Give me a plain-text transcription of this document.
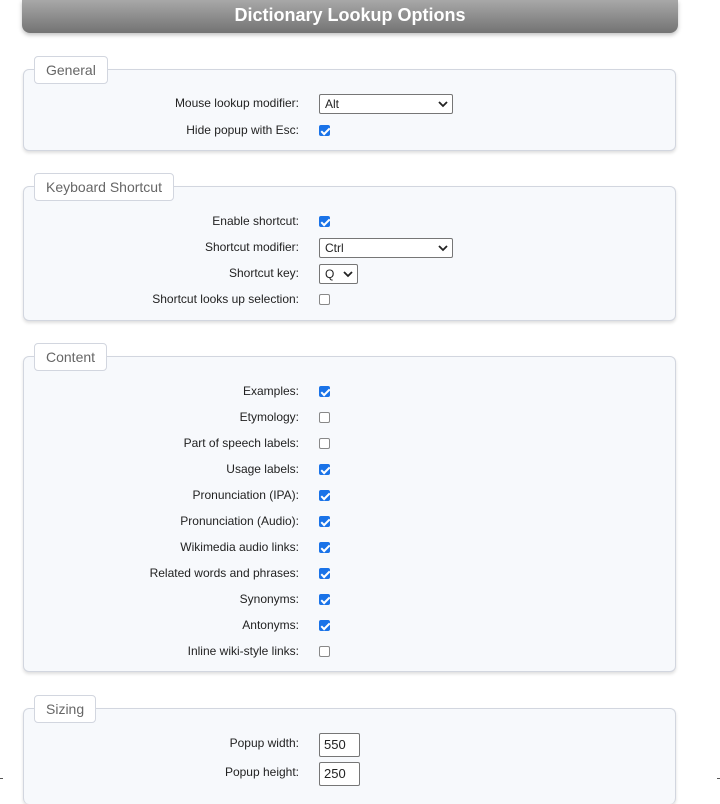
Dictionary Lookup Options
General
Mouse lookup modifier:	Alt
Hide popup with Esc:
Keyboard Shortcut
Enable shortcut:
Shortcut modifier:	Ctrl
Shortcut key:	Q
Shortcut looks up selection:
Content
Examples:
Etymology:
Part of speech labels:
Usage labels:
Pronunciation (IPA):
Pronunciation (Audio):
Wikimedia audio links:
Related words and phrases:
Synonyms:
Antonyms:
Inline wiki-style links:
Sizing
Popup width:	550
Popup height:	250
